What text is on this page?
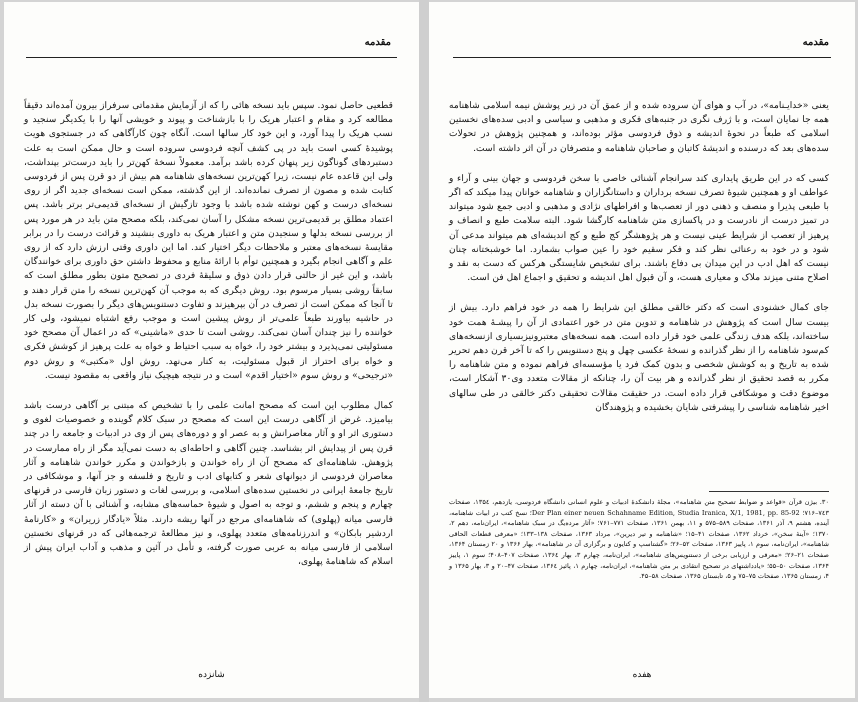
مقدمه

قطعیی حاصل نمود. سپس باید نسخه هائی را که از آزمایش مقدماتی سرفراز بیرون آمده‌اند دقیقاً مطالعه کرد و مقام و اعتبار هریک را با بازشناخت و پیوند و خویشی آنها را با یکدیگر سنجید و نسب هریک را پیدا آورد، و این خود کار سالها است. آنگاه چون کارآگاهی که در جستجوی هویت پوشیدهٔ کسی است باید در پی کشف آنچه فردوسی سروده است و حال ممکن است به علت دستبردهای گوناگون زیر پنهان کرده باشد برآمد. معمولاً نسخهٔ کهن‌تر را باید درست‌تر بپنداشت، ولی این قاعده عام نیست، زیرا کهن‌ترین نسخه‌های شاهنامه هم بیش از دو قرن پس از فردوسی کتابت شده و مصون از تصرف نمانده‌اند. از این گذشته، ممکن است نسخه‌ای جدید اگر از روی نسخه‌ای درست و کهن نوشته شده باشد با وجود تازگیش از نسخه‌ای قدیمی‌تر برتر باشد. پس اعتماد مطلق بر قدیمی‌ترین نسخه مشکل را آسان نمی‌کند، بلکه مصحح متن باید در هر مورد پس از بررسی نسخه بدلها و سنجیدن متن و اعتبار هریک به داوری بنشیند و قرائت درست را در برابر مقایسهٔ نسخه‌های معتبر و ملاحظات دیگر اختیار کند. اما این داوری وقتی ارزش دارد که از روی علم و آگاهی انجام بگیرد و همچنین توأم با ارائهٔ منابع و محفوظ داشتن حق داوری برای خوانندگان باشد، و این غیر از حالتی قرار دادن ذوق و سلیقهٔ فردی در تصحیح متون بطور مطلق است که سابقاً روشی بسیار مرسوم بود. روش دیگری که به موجب آن کهن‌ترین نسخه را متن قرار دهند و تا آنجا که ممکن است از تصرف در آن بپرهیزند و تفاوت دستنویس‌های دیگر را بصورت نسخه بدل در حاشیه بیاورند طبعاً علمی‌تر از روش پیشین است و موجب رفع اشتباه نمیشود، ولی کار خواننده را نیز چندان آسان نمی‌کند. روشی است تا حدی «ماشینی» که در اعمال آن مصحح خود مسئولیتی نمی‌پذیرد و بیشتر خود را، خواه به سبب احتیاط و خواه به علت پرهیز از کوشش فکری و خواه برای احتراز از قبول مسئولیت، به کنار می‌نهد. روش اول «مکتبی» و روش دوم «ترجیحی» و روش سوم «اختیار اقدم» است و در نتیجه هیچیک نیاز واقعی به مقصود نیست.

کمال مطلوب این است که مصحح امانت علمی را با تشخیص که مبتنی بر آگاهی درست باشد بیامیزد. غرض از آگاهی درست این است که مصحح در سبک کلام گوینده و خصوصیات لغوی و دستوری اثر او و آثار معاصرانش و به عصر او و دوره‌های پس از وی در ادبیات و جامعه را در چند قرن پس از پیدایش اثر بشناسد. چنین آگاهی و احاطه‌ای به دست نمی‌آید مگر از راه ممارست در پژوهش. شاهنامه‌ای که مصحح آن از راه خواندن و بازخواندن و مکرر خواندن شاهنامه و آثار معاصران فردوسی از دیوانهای شعر و کتابهای ادب و تاریخ و فلسفه و جز آنها، و موشکافی در تاریخ جامعهٔ ایرانی در نخستین سده‌های اسلامی، و بررسی لغات و دستور زبان فارسی در قرنهای چهارم و پنجم و ششم، و توجه به اصول و شیوهٔ حماسه‌های مشابه، و آشنائی با آن دسته از آثار فارسی میانه (پهلوی) که شاهنامه‌ای مرجع در آنها ریشه دارند. مثلاً «یادگار زریران» و «کارنامهٔ اردشیر بابکان» و اندرزنامه‌های متعدد پهلوی، و نیز مطالعهٔ ترجمه‌هائی که در قرنهای نخستین اسلامی از فارسی میانه به عربی صورت گرفته، و تأمل در آئین و مذهب و آداب ایران پیش از اسلام که شاهنامهٔ پهلوی،

شانزده
مقدمه

یعنی «خدایـنامه»، در آب و هوای آن سروده شده و از عمق آن در زیر پوشش نیمه اسلامی شاهنامه همه جا نمایان است، و با ژرف نگری در جنبه‌های فکری و مذهبی و سیاسی و ادبی سده‌های نخستین اسلامی که طبعاً در نحوهٔ اندیشه و ذوق فردوسی مؤثر بوده‌اند، و همچنین پژوهش در تحولات سده‌های بعد که درسنده و اندیشهٔ کاتبان و صاحبان شاهنامه و متصرفان در آن اثر داشته است.

کسی که در این طریق پایداری کند سرانجام آشنائی خاصی با سخن فردوسی و جهان بینی و آراء و عواطف او و همچنین شیوهٔ تصرف نسخه برداران و داستانگزاران و شاهنامه خوانان پیدا میکند که اگر با طبعی پذیرا و منصف و ذهنی دور از تعصب‌ها و افراطهای نژادی و مذهبی و ادبی جمع شود میتواند در تمیز درست از نادرست و در پاکسازی متن شاهنامه کارگشا شود. البته سلامت طبع و انصاف و پرهیز از تعصب از شرایط عینی نیست و هر پژوهشگر کج طبع و کج اندیشه‌ای هم میتواند مدعی آن شود و در خود به رعنائی نظر کند و فکر سقیم خود را عین صواب بشمارد. اما خوشبختانه چنان نیست که اهل ادب در این میدان بی دفاع باشند. برای تشخیص شایستگی هرکس که دست به نقد و اصلاح متنی میزند ملاک و معیاری هست، و آن قبول اهل اندیشه و تحقیق و اجماع اهل فن است.

جای کمال خشنودی است که دکتر خالقی مطلق این شرایط را همه در خود فراهم دارد. بیش از بیست سال است که پژوهش در شاهنامه و تدوین متن در خور اعتمادی از آن را پیشـهٔ همت خود ساخته‌اند، بلکه هدف زندگی علمی خود قرار داده است. همه نسخه‌های معتبرونیزبسیاری ازنسخه‌های کم‌سود شاهنامه را از نظر گذرانده و نسخهٔ عکسی چهل و پنج دستنویس را که تا آخر قرن دهم تحریر شده به تاریخ و به کوشش شخصی و بدون کمک فرد یا مؤسسه‌ای فراهم نموده و متن شاهنامه را مکرر به قصد تحقیق از نظر گذرانده و هر بیت آن را، چنانکه از مقالات متعدد وی۳۰ آشکار است، موضوع دقت و موشکافی قرار داده است. در حقیقت مقالات تحقیقی دکتر خالقی در طی سالهای اخیر شاهنامه شناسی را پیشرفتی شایان بخشیده و پژوهندگان

۳۰. بیژن قرآن «قواعد و ضوابط تصحیح متن شاهنامه»، مجلهٔ دانشکدهٔ ادبیات و علوم انسانی دانشگاه فردوسی، یازدهم، ۱۳۵٤، صفحات ۷٤۳–۷۱۶؛ Der Plan einer neuen Schahname Edition, Studia Iranica, X/1, 1981, pp. 85-92؛ نسخ کتب در ابیات شاهنامه، آینده، هشتم ۹، آذر ۱۳۶۱، صفحات ۵۸۹–۵۷۵ و ۱۱، بهمن ۱۳۶۱، صفحات ۷۷۱–۷۶۱؛ «آثار مرده‌یگ در سبک شاهنامه»، ایران‌نامه، دهم ۲، ۱۳۷۰؛ «آینهٔ سخن»، خرداد ۱۳۶۲، صفحات ۴۱–۱۵؛ «شاهنامه و تیر دیرین»، مرداد ۱۳۶۳، صفحات ۱۳۸–۱۳۳؛ «معرفی قطعات الحاقی شاهنامه»، ایران‌نامه، سوم ۱، پاییز ۱۳۶۳، صفحات ۵۲–۲۶؛ «گشتاسپ و کتایون و برگزاری آن در شاهنامه»، بهار ۱۳۶۶ و ۲۰ زمستان ۱۳۶۴، صفحات ۲۱–۲۶؛ «معرفی و ارزیابی برخی از دستنویس‌های شاهنامه»، ایران‌نامه، چهارم ۳، بهار ۱۳۶٤، صفحات ۴۰۷–۴۰۸؛ سوم ۱، پاییز ۱۳۶۴، صفحات ۵۰–۵۵؛ «یادداشتهای در تصحیح انتقادی بر متن شاهنامه»، ایران‌نامه، چهارم ۱، پائیز ۱۳۶٤، صفحات ۴۷–۲۰ و ۳، بهار ۱۳۶۵ و ۴، زمستان ۱۳۶۵، صفحات ۷۵–۷۵ و ۵، تابستان ۱۳۶۵، صفحات ۵۸–۴۵.

هفده
